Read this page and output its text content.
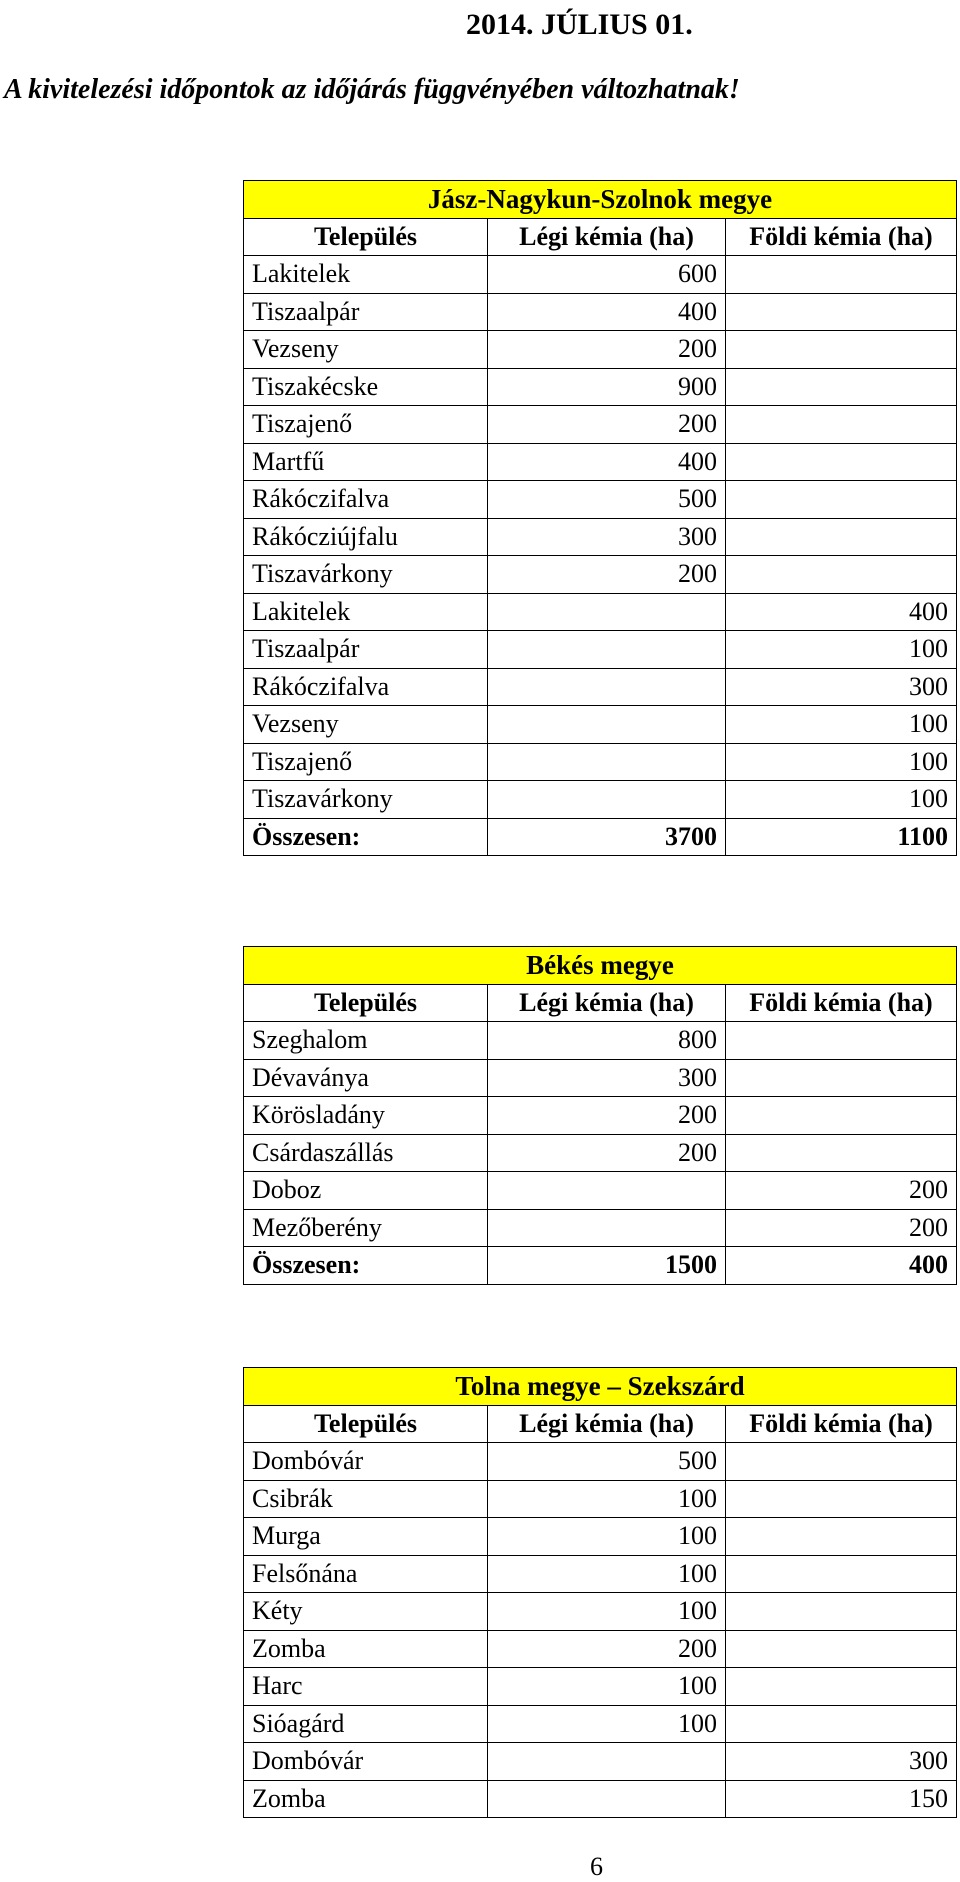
2014. JÚLIUS 01.
A kivitelezési időpontok az időjárás függvényében változhatnak!
Jász-Nagykun-Szolnok megye		
Település	Légi kémia (ha)	Földi kémia (ha)
Lakitelek	600	
Tiszaalpár	400	
Vezseny	200	
Tiszakécske	900	
Tiszajenő	200	
Martfű	400	
Rákóczifalva	500	
Rákócziújfalu	300	
Tiszavárkony	200	
Lakitelek		400
Tiszaalpár		100
Rákóczifalva		300
Vezseny		100
Tiszajenő		100
Tiszavárkony		100
Összesen:	3700	1100
Békés megye		
Település	Légi kémia (ha)	Földi kémia (ha)
Szeghalom	800	
Dévaványa	300	
Körösladány	200	
Csárdaszállás	200	
Doboz		200
Mezőberény		200
Összesen:	1500	400
Tolna megye – Szekszárd		
Település	Légi kémia (ha)	Földi kémia (ha)
Dombóvár	500	
Csibrák	100	
Murga	100	
Felsőnána	100	
Kéty	100	
Zomba	200	
Harc	100	
Sióagárd	100	
Dombóvár		300
Zomba		150
6
